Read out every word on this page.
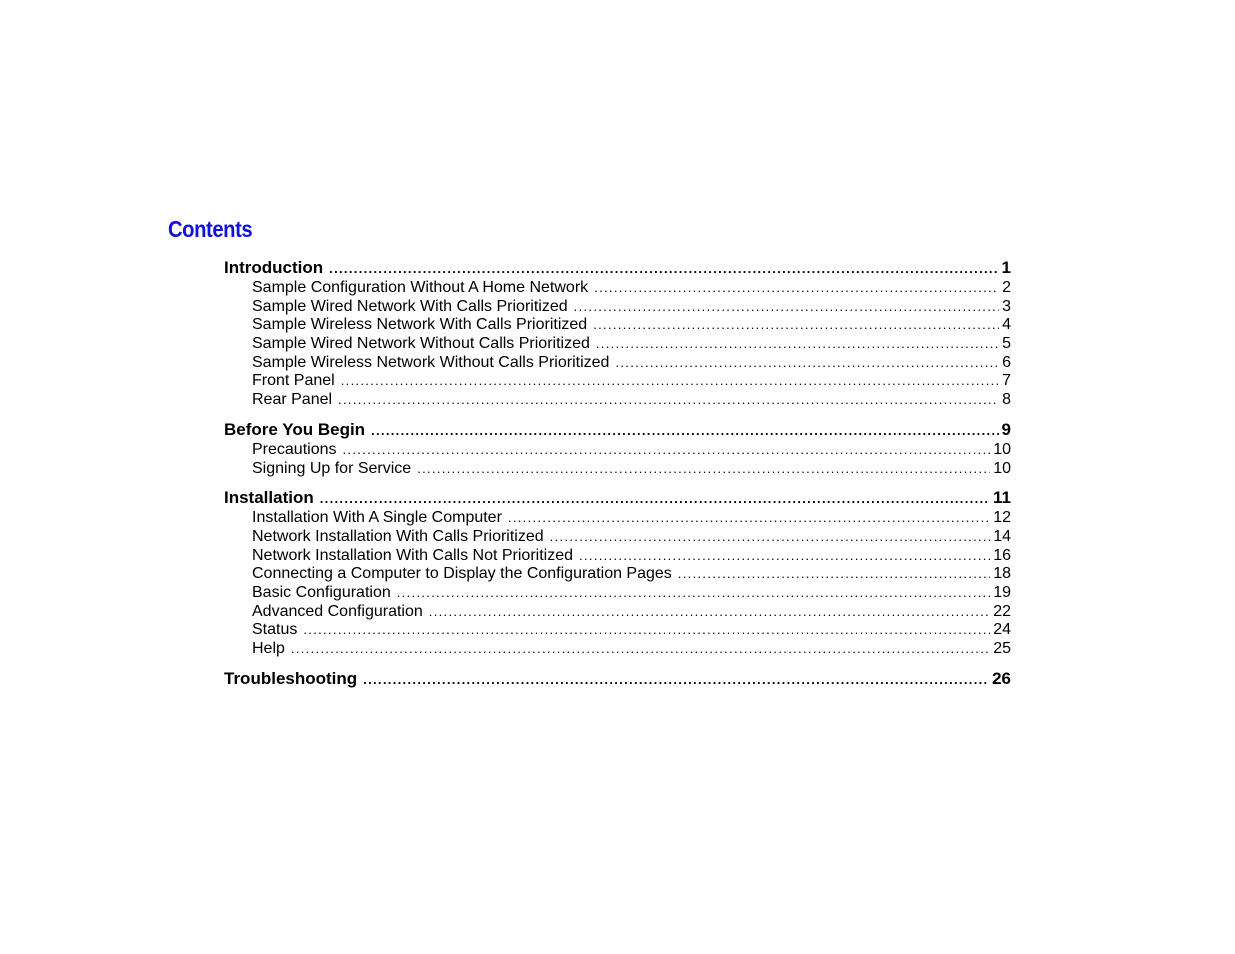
Contents
Introduction . . .	1
Sample Configuration Without A Home Network . . .	2
Sample Wired Network With Calls Prioritized . . .	3
Sample Wireless Network With Calls Prioritized . . .	4
Sample Wired Network Without Calls Prioritized . . .	5
Sample Wireless Network Without Calls Prioritized . . .	6
Front Panel . . .	7
Rear Panel . . .	8
Before You Begin . . .	9
Precautions . . .	10
Signing Up for Service . . .	10
Installation . . .	11
Installation With A Single Computer . . .	12
Network Installation With Calls Prioritized . . .	14
Network Installation With Calls Not Prioritized . . .	16
Connecting a Computer to Display the Configuration Pages . . .	18
Basic Configuration . . .	19
Advanced Configuration . . .	22
Status . . .	24
Help . . .	25
Troubleshooting . . .	26
